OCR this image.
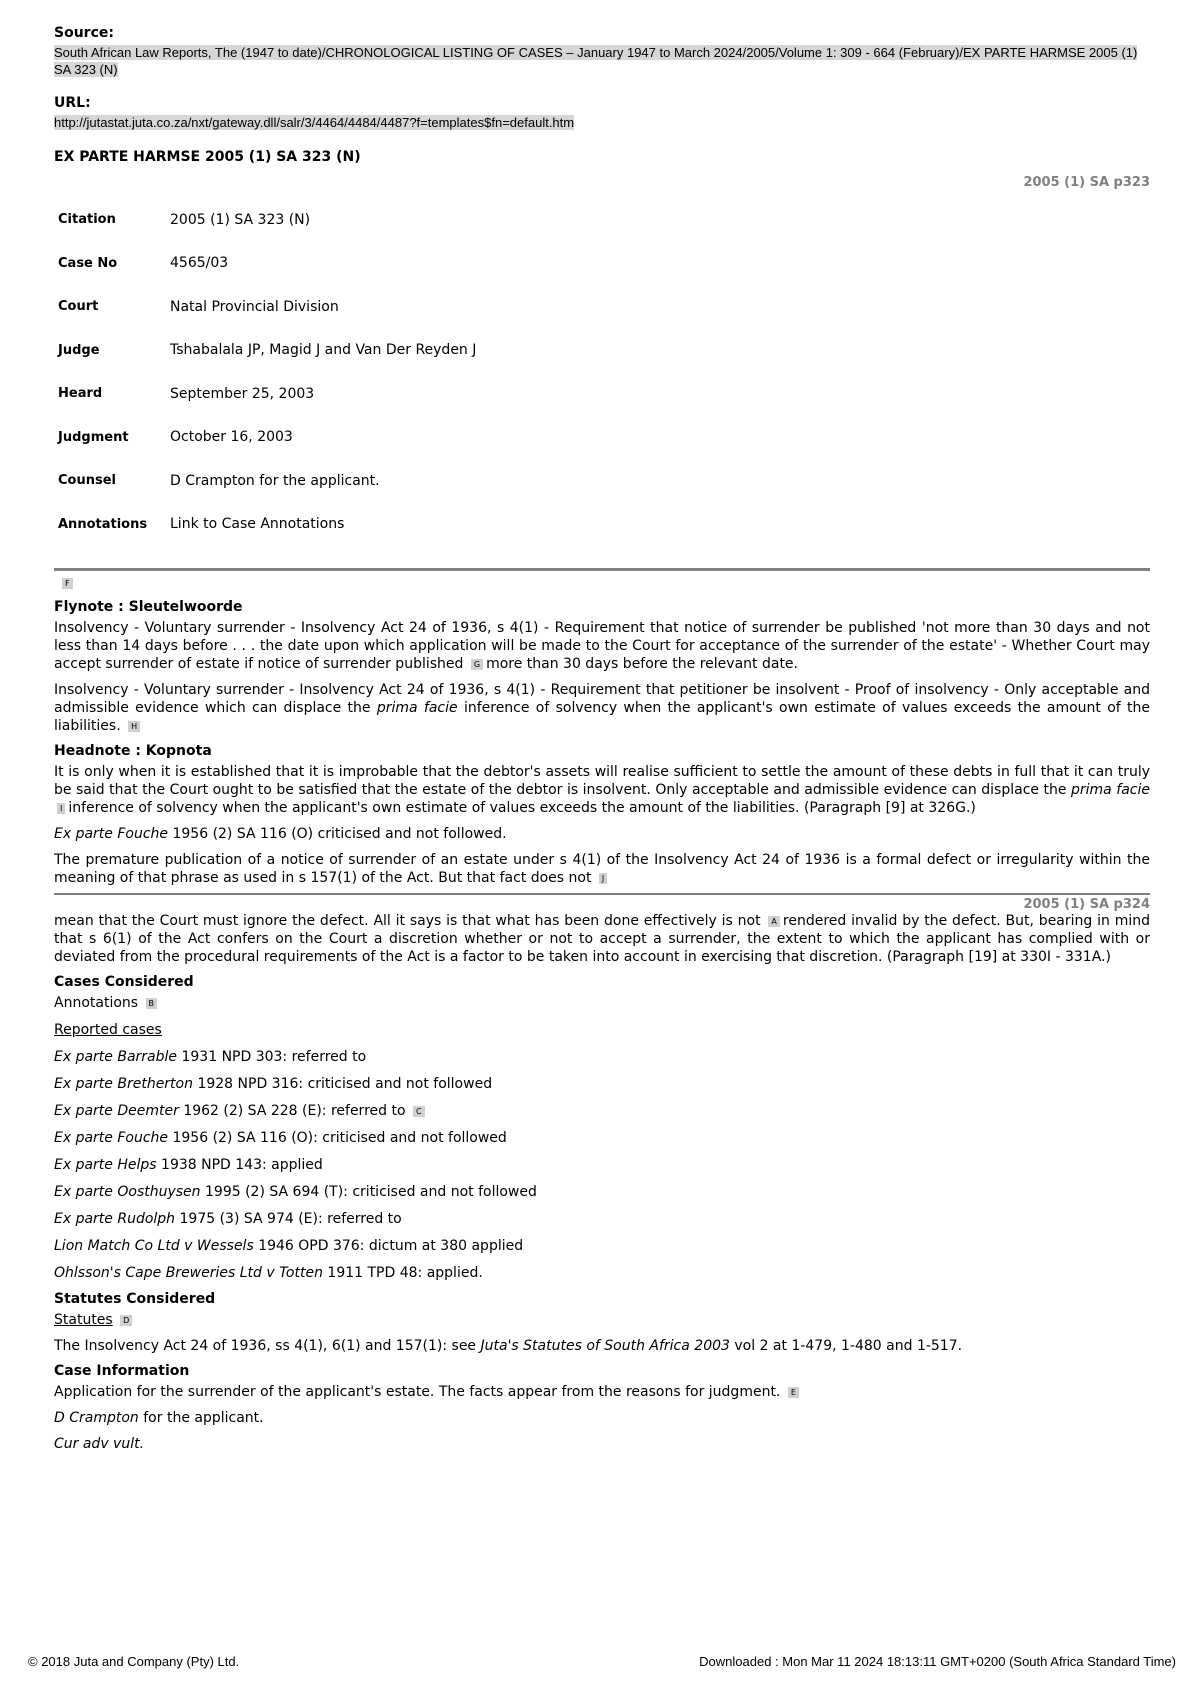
Source:
South African Law Reports, The (1947 to date)/CHRONOLOGICAL LISTING OF CASES – January 1947 to March 2024/2005/Volume 1: 309 - 664 (February)/EX PARTE HARMSE 2005 (1) SA 323 (N)
URL:
http://jutastat.juta.co.za/nxt/gateway.dll/salr/3/4464/4484/4487?f=templates$fn=default.htm
EX PARTE HARMSE 2005 (1) SA 323 (N)
2005 (1) SA p323
Citation	2005 (1) SA 323 (N)
Case No	4565/03
Court	Natal Provincial Division
Judge	Tshabalala JP, Magid J and Van Der Reyden J
Heard	September 25, 2003
Judgment	October 16, 2003
Counsel	D Crampton for the applicant.
Annotations	Link to Case Annotations
F
Flynote : Sleutelwoorde

Insolvency - Voluntary surrender - Insolvency Act 24 of 1936, s 4(1) - Requirement that notice of surrender be published 'not more than 30 days and not less than 14 days before . . . the date upon which application will be made to the Court for acceptance of the surrender of the estate' - Whether Court may accept surrender of estate if notice of surrender published G more than 30 days before the relevant date.

Insolvency - Voluntary surrender - Insolvency Act 24 of 1936, s 4(1) - Requirement that petitioner be insolvent - Proof of insolvency - Only acceptable and admissible evidence which can displace the prima facie inference of solvency when the applicant's own estimate of values exceeds the amount of the liabilities. H

Headnote : Kopnota

It is only when it is established that it is improbable that the debtor's assets will realise sufficient to settle the amount of these debts in full that it can truly be said that the Court ought to be satisfied that the estate of the debtor is insolvent. Only acceptable and admissible evidence can displace the prima facie I inference of solvency when the applicant's own estimate of values exceeds the amount of the liabilities. (Paragraph [9] at 326G.)

Ex parte Fouche 1956 (2) SA 116 (O) criticised and not followed.

The premature publication of a notice of surrender of an estate under s 4(1) of the Insolvency Act 24 of 1936 is a formal defect or irregularity within the meaning of that phrase as used in s 157(1) of the Act. But that fact does not J

2005 (1) SA p324

mean that the Court must ignore the defect. All it says is that what has been done effectively is not A rendered invalid by the defect. But, bearing in mind that s 6(1) of the Act confers on the Court a discretion whether or not to accept a surrender, the extent to which the applicant has complied with or deviated from the procedural requirements of the Act is a factor to be taken into account in exercising that discretion. (Paragraph [19] at 330I - 331A.)

Cases Considered

Annotations B

Reported cases

Ex parte Barrable 1931 NPD 303: referred to

Ex parte Bretherton 1928 NPD 316: criticised and not followed

Ex parte Deemter 1962 (2) SA 228 (E): referred to C

Ex parte Fouche 1956 (2) SA 116 (O): criticised and not followed

Ex parte Helps 1938 NPD 143: applied

Ex parte Oosthuysen 1995 (2) SA 694 (T): criticised and not followed

Ex parte Rudolph 1975 (3) SA 974 (E): referred to

Lion Match Co Ltd v Wessels 1946 OPD 376: dictum at 380 applied

Ohlsson's Cape Breweries Ltd v Totten 1911 TPD 48: applied.

Statutes Considered

Statutes D

The Insolvency Act 24 of 1936, ss 4(1), 6(1) and 157(1): see Juta's Statutes of South Africa 2003 vol 2 at 1-479, 1-480 and 1-517.

Case Information

Application for the surrender of the applicant's estate. The facts appear from the reasons for judgment. E

D Crampton for the applicant.

Cur adv vult.

© 2018 Juta and Company (Pty) Ltd.	Downloaded : Mon Mar 11 2024 18:13:11 GMT+0200 (South Africa Standard Time)
